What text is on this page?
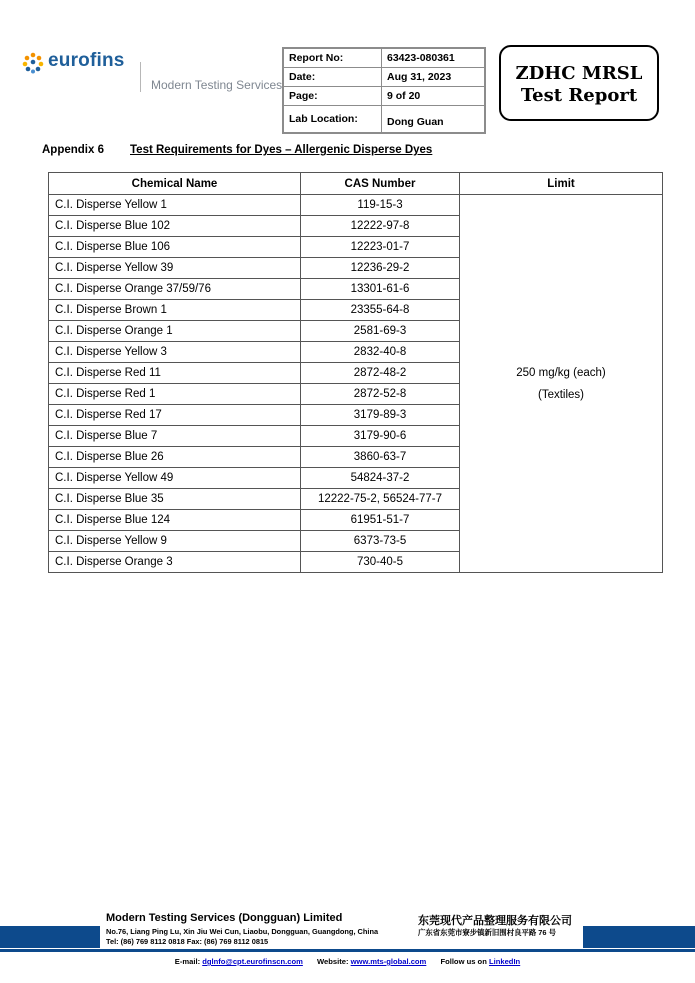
eurofins
Modern Testing Services
Report No:	63423-080361
Date:	Aug 31, 2023
Page:	9 of 20
Lab Location:	Dong Guan
ZDHC MRSL
Test Report
Appendix 6 Test Requirements for Dyes – Allergenic Disperse Dyes
Chemical Name	CAS Number	Limit
C.I. Disperse Yellow 1	119-15-3	250 mg/kg (each)
(Textiles)

C.I. Disperse Blue 102	12222-97-8	
C.I. Disperse Blue 106	12223-01-7	
C.I. Disperse Yellow 39	12236-29-2	
C.I. Disperse Orange 37/59/76	13301-61-6	
C.I. Disperse Brown 1	23355-64-8	
C.I. Disperse Orange 1	2581-69-3	
C.I. Disperse Yellow 3	2832-40-8	
C.I. Disperse Red 11	2872-48-2	
C.I. Disperse Red 1	2872-52-8	
C.I. Disperse Red 17	3179-89-3	
C.I. Disperse Blue 7	3179-90-6	
C.I. Disperse Blue 26	3860-63-7	
C.I. Disperse Yellow 49	54824-37-2	
C.I. Disperse Blue 35	12222-75-2, 56524-77-7	
C.I. Disperse Blue 124	61951-51-7	
C.I. Disperse Yellow 9	6373-73-5	
C.I. Disperse Orange 3	730-40-5	
Modern Testing Services (Dongguan) Limited	东莞现代产品整理服务有限公司
No.76, Liang Ping Lu, Xin Jiu Wei Cun, Liaobu, Dongguan, Guangdong, China	广东省东莞市寮步镇新旧围村良平路 76 号
Tel: (86) 769 8112 0818 Fax: (86) 769 8112 0815
E-mail: dglnfo@cpt.eurofinscn.com Website: www.mts-global.com Follow us on LinkedIn
